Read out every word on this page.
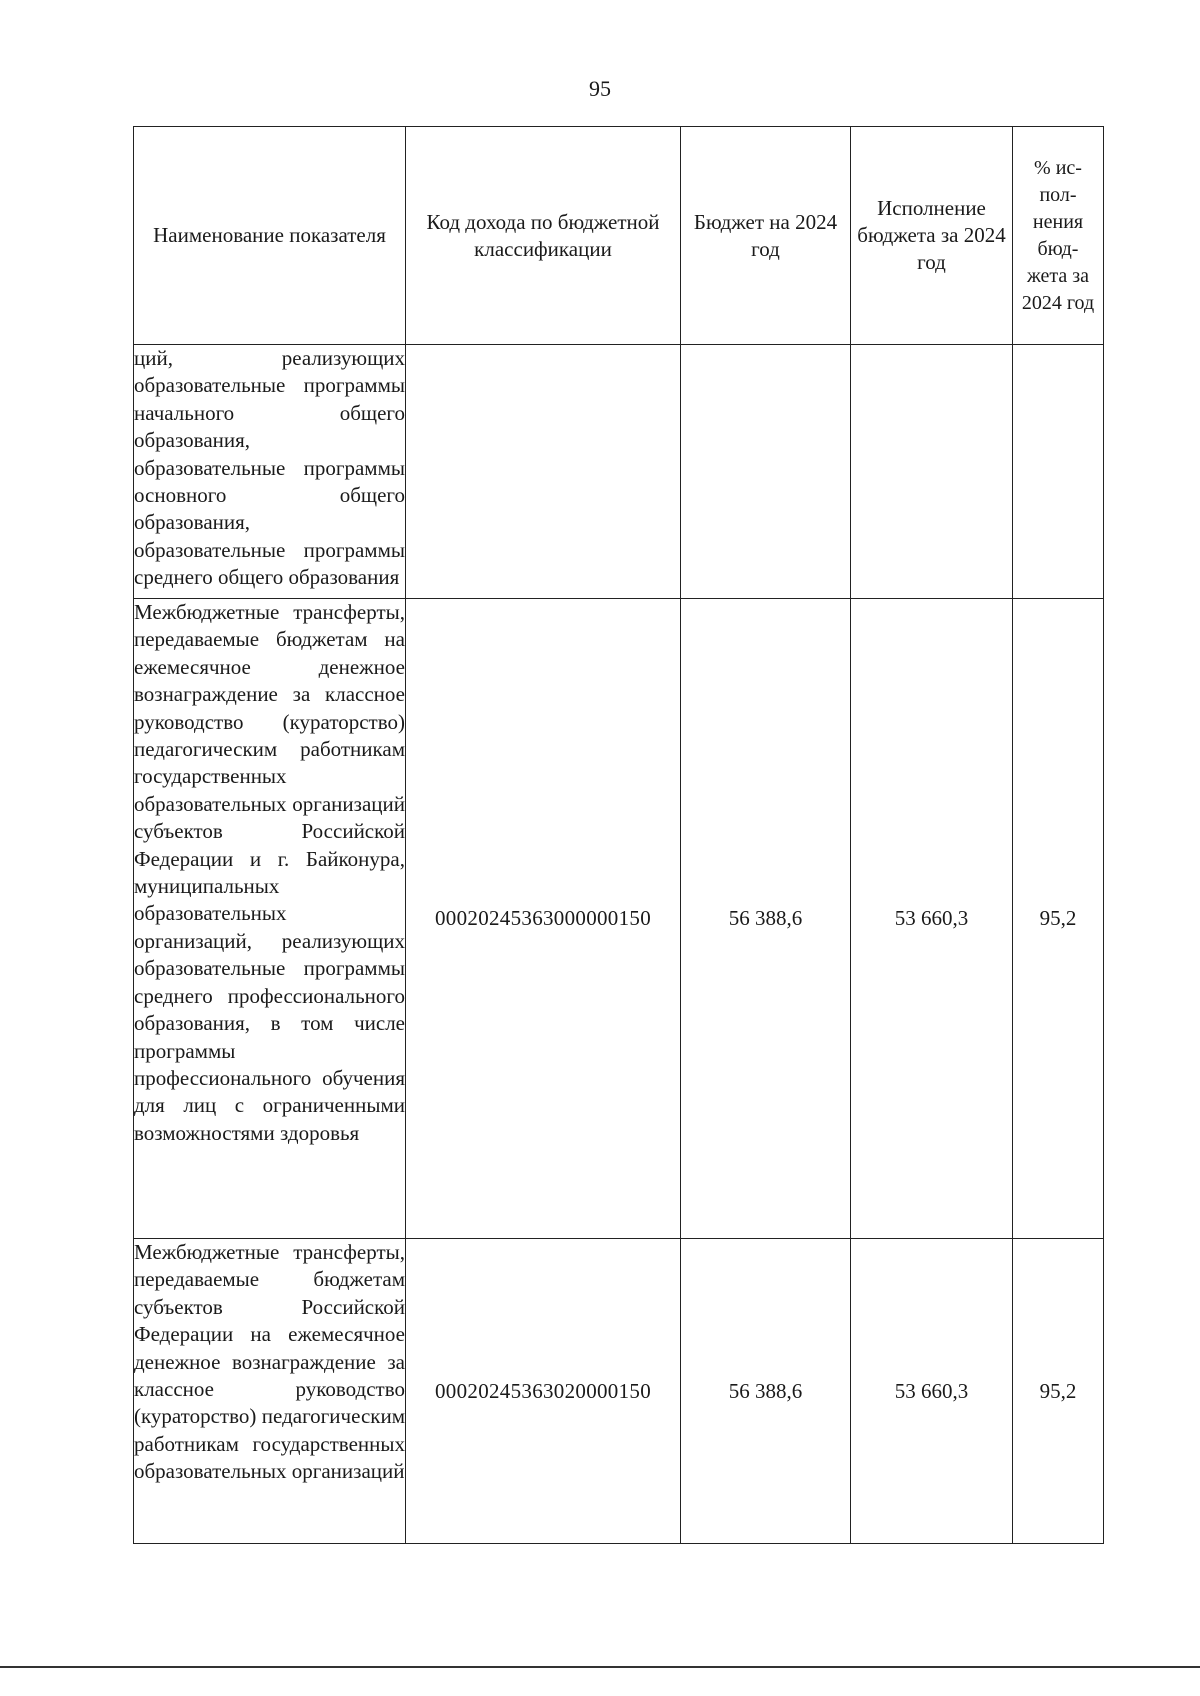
95
Наименование показателя	Код дохода по бюджетной классификации	Бюджет на 2024 год	Исполнение бюджета за 2024 год	% ис- пол- нения бюд- жета за 2024 год

ций, реализующих образовательные программы начального общего образования, образовательные программы основного общего образования, образовательные программы среднего общего образования				
Межбюджетные трансферты, передаваемые бюджетам на ежемесячное денежное вознаграждение за классное руководство (кураторство) педагогическим работникам государственных образовательных организаций субъектов Российской Федерации и г. Байконура, муниципальных образовательных организаций, реализующих образовательные программы среднего профессионального образования, в том числе программы профессионального обучения для лиц с ограниченными возможностями здоровья	00020245363000000150	56 388,6	53 660,3	95,2
Межбюджетные трансферты, передаваемые бюджетам субъектов Российской Федерации на ежемесячное денежное вознаграждение за классное руководство (кураторство) педагогическим работникам государственных образовательных организаций	00020245363020000150	56 388,6	53 660,3	95,2
